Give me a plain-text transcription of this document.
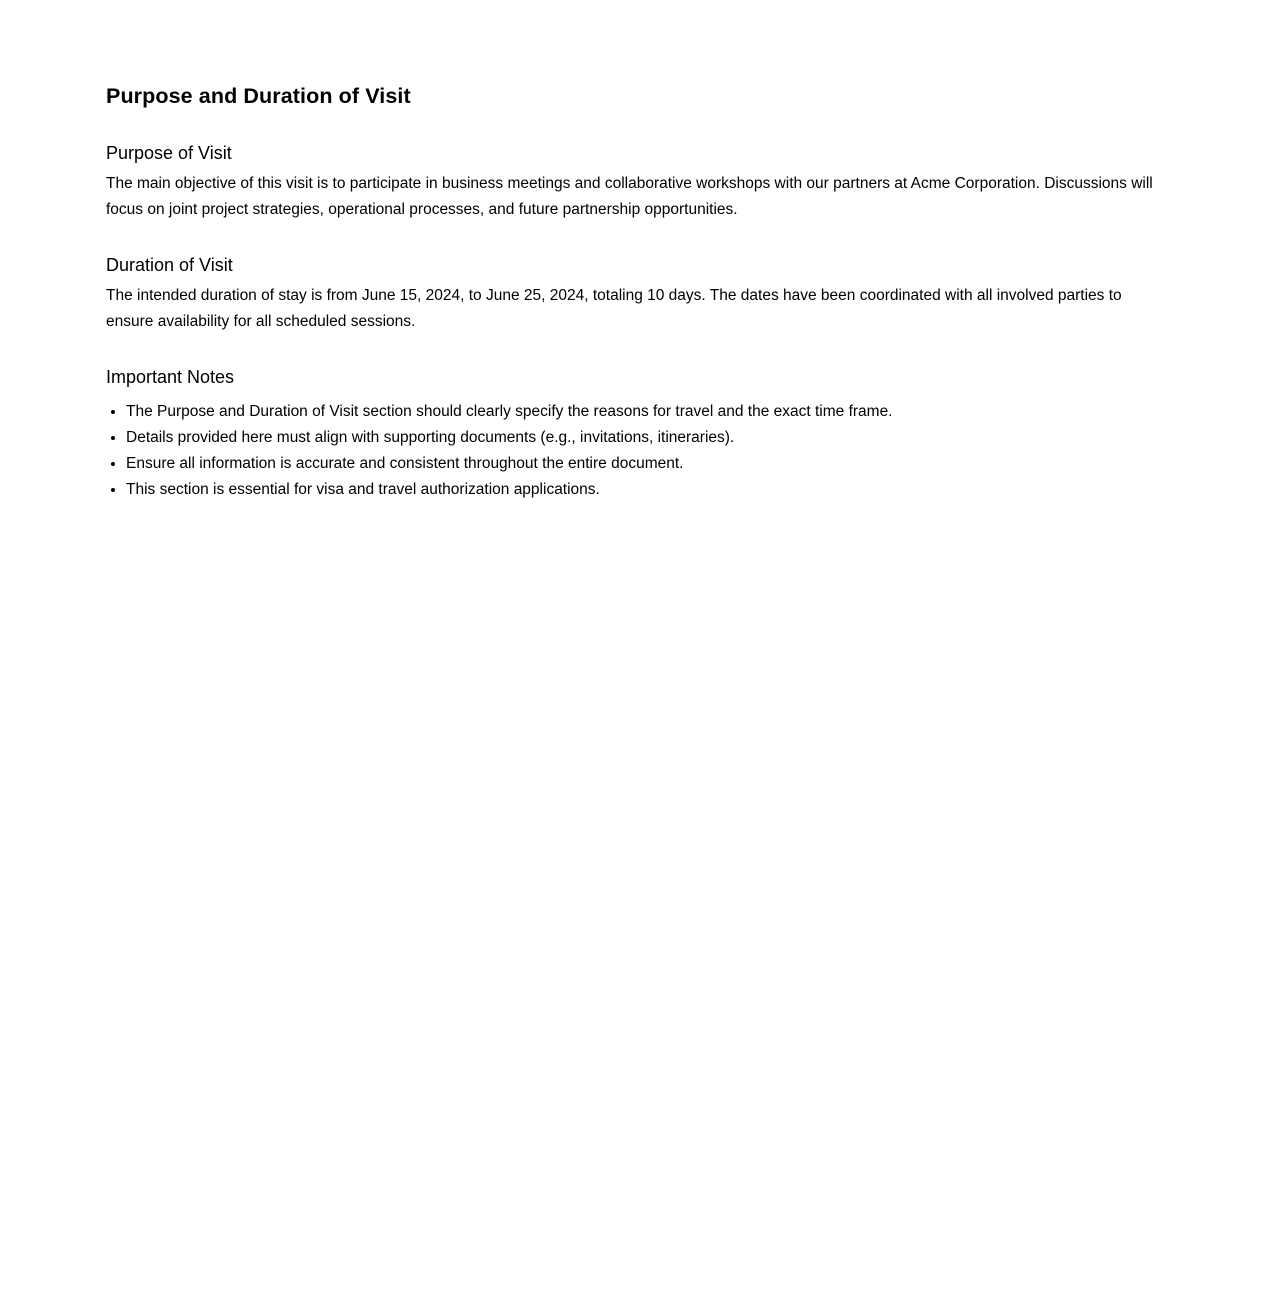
Purpose and Duration of Visit
Purpose of Visit

The main objective of this visit is to participate in business meetings and collaborative workshops with our partners at Acme Corporation. Discussions will focus on joint project strategies, operational processes, and future partnership opportunities.

Duration of Visit

The intended duration of stay is from June 15, 2024, to June 25, 2024, totaling 10 days. The dates have been coordinated with all involved parties to ensure availability for all scheduled sessions.

Important Notes
• The Purpose and Duration of Visit section should clearly specify the reasons for travel and the exact time frame.
• Details provided here must align with supporting documents (e.g., invitations, itineraries).
• Ensure all information is accurate and consistent throughout the entire document.
• This section is essential for visa and travel authorization applications.
